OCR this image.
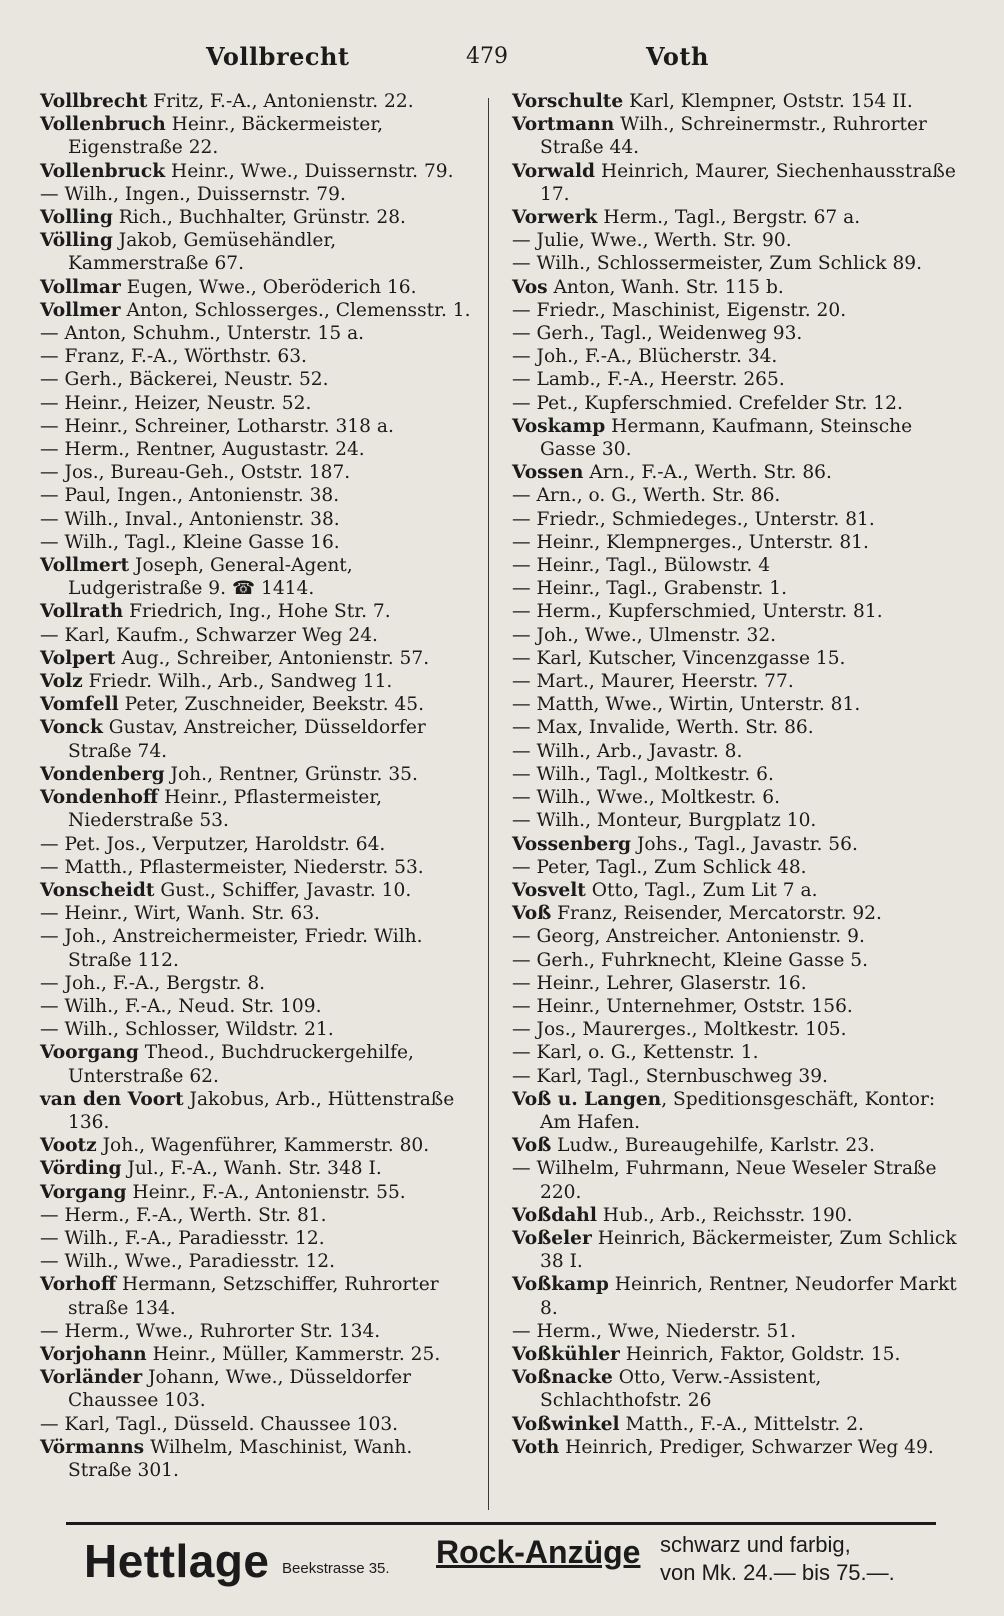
Vollbrecht	479	Voth

Vollbrecht Fritz, F.-A., Antonienstr. 22.

Vollenbruch Heinr., Bäckermeister, Eigenstraße 22.

Vollenbruck Heinr., Wwe., Duissernstr. 79.

— Wilh., Ingen., Duissernstr. 79.

Volling Rich., Buchhalter, Grünstr. 28.

Völling Jakob, Gemüsehändler, Kammerstraße 67.

Vollmar Eugen, Wwe., Oberöderich 16.

Vollmer Anton, Schlosserges., Clemensstr. 1.

— Anton, Schuhm., Unterstr. 15 a.

— Franz, F.-A., Wörthstr. 63.

— Gerh., Bäckerei, Neustr. 52.

— Heinr., Heizer, Neustr. 52.

— Heinr., Schreiner, Lotharstr. 318 a.

— Herm., Rentner, Augustastr. 24.

— Jos., Bureau-Geh., Oststr. 187.

— Paul, Ingen., Antonienstr. 38.

— Wilh., Inval., Antonienstr. 38.

— Wilh., Tagl., Kleine Gasse 16.

Vollmert Joseph, General-Agent, Ludgeristraße 9. ☎ 1414.

Vollrath Friedrich, Ing., Hohe Str. 7.

— Karl, Kaufm., Schwarzer Weg 24.

Volpert Aug., Schreiber, Antonienstr. 57.

Volz Friedr. Wilh., Arb., Sandweg 11.

Vomfell Peter, Zuschneider, Beekstr. 45.

Vonck Gustav, Anstreicher, Düsseldorfer Straße 74.

Vondenberg Joh., Rentner, Grünstr. 35.

Vondenhoff Heinr., Pflastermeister, Niederstraße 53.

— Pet. Jos., Verputzer, Haroldstr. 64.

— Matth., Pflastermeister, Niederstr. 53.

Vonscheidt Gust., Schiffer, Javastr. 10.

— Heinr., Wirt, Wanh. Str. 63.

— Joh., Anstreichermeister, Friedr. Wilh. Straße 112.

— Joh., F.-A., Bergstr. 8.

— Wilh., F.-A., Neud. Str. 109.

— Wilh., Schlosser, Wildstr. 21.

Voorgang Theod., Buchdruckergehilfe, Unterstraße 62.

van den Voort Jakobus, Arb., Hüttenstraße 136.

Vootz Joh., Wagenführer, Kammerstr. 80.

Vörding Jul., F.-A., Wanh. Str. 348 I.

Vorgang Heinr., F.-A., Antonienstr. 55.

— Herm., F.-A., Werth. Str. 81.

— Wilh., F.-A., Paradiesstr. 12.

— Wilh., Wwe., Paradiesstr. 12.

Vorhoff Hermann, Setzschiffer, Ruhrorter straße 134.

— Herm., Wwe., Ruhrorter Str. 134.

Vorjohann Heinr., Müller, Kammerstr. 25.

Vorländer Johann, Wwe., Düsseldorfer Chaussee 103.

— Karl, Tagl., Düsseld. Chaussee 103.

Vörmanns Wilhelm, Maschinist, Wanh. Straße 301.

Vorschulte Karl, Klempner, Oststr. 154 II.

Vortmann Wilh., Schreinermstr., Ruhrorter Straße 44.

Vorwald Heinrich, Maurer, Siechenhausstraße 17.

Vorwerk Herm., Tagl., Bergstr. 67 a.

— Julie, Wwe., Werth. Str. 90.

— Wilh., Schlossermeister, Zum Schlick 89.

Vos Anton, Wanh. Str. 115 b.

— Friedr., Maschinist, Eigenstr. 20.

— Gerh., Tagl., Weidenweg 93.

— Joh., F.-A., Blücherstr. 34.

— Lamb., F.-A., Heerstr. 265.

— Pet., Kupferschmied. Crefelder Str. 12.

Voskamp Hermann, Kaufmann, Steinsche Gasse 30.

Vossen Arn., F.-A., Werth. Str. 86.

— Arn., o. G., Werth. Str. 86.

— Friedr., Schmiedeges., Unterstr. 81.

— Heinr., Klempnerges., Unterstr. 81.

— Heinr., Tagl., Bülowstr. 4

— Heinr., Tagl., Grabenstr. 1.

— Herm., Kupferschmied, Unterstr. 81.

— Joh., Wwe., Ulmenstr. 32.

— Karl, Kutscher, Vincenzgasse 15.

— Mart., Maurer, Heerstr. 77.

— Matth, Wwe., Wirtin, Unterstr. 81.

— Max, Invalide, Werth. Str. 86.

— Wilh., Arb., Javastr. 8.

— Wilh., Tagl., Moltkestr. 6.

— Wilh., Wwe., Moltkestr. 6.

— Wilh., Monteur, Burgplatz 10.

Vossenberg Johs., Tagl., Javastr. 56.

— Peter, Tagl., Zum Schlick 48.

Vosvelt Otto, Tagl., Zum Lit 7 a.

Voß Franz, Reisender, Mercatorstr. 92.

— Georg, Anstreicher. Antonienstr. 9.

— Gerh., Fuhrknecht, Kleine Gasse 5.

— Heinr., Lehrer, Glaserstr. 16.

— Heinr., Unternehmer, Oststr. 156.

— Jos., Maurerges., Moltkestr. 105.

— Karl, o. G., Kettenstr. 1.

— Karl, Tagl., Sternbuschweg 39.

Voß u. Langen, Speditionsgeschäft, Kontor: Am Hafen.

Voß Ludw., Bureaugehilfe, Karlstr. 23.

— Wilhelm, Fuhrmann, Neue Weseler Straße 220.

Voßdahl Hub., Arb., Reichsstr. 190.

Voßeler Heinrich, Bäckermeister, Zum Schlick 38 I.

Voßkamp Heinrich, Rentner, Neudorfer Markt 8.

— Herm., Wwe, Niederstr. 51.

Voßkühler Heinrich, Faktor, Goldstr. 15.

Voßnacke Otto, Verw.-Assistent, Schlachthofstr. 26

Voßwinkel Matth., F.-A., Mittelstr. 2.

Voth Heinrich, Prediger, Schwarzer Weg 49.

Hettlage Beekstrasse 35. Rock-Anzüge schwarz und farbig,
von Mk. 24.— bis 75.—.
